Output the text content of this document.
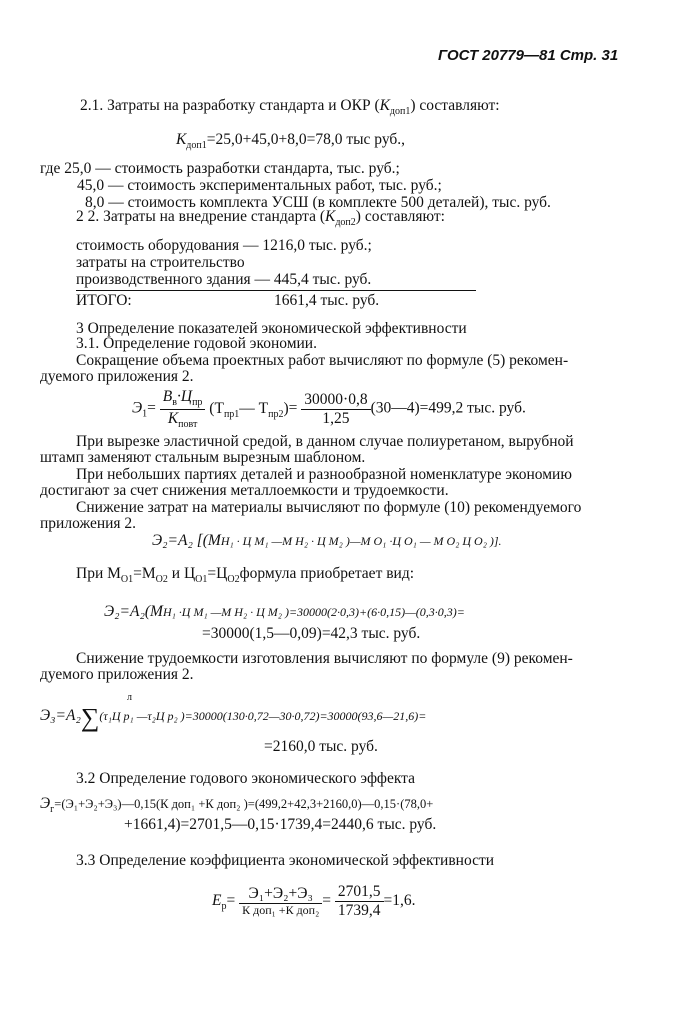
ГОСТ 20779—81 Стр. 31
2.1. Затраты на разработку стандарта и ОКР $(К_{доп1})$ составляют:
$К_{доп1}=25,0+45,0+8,0=78,0$ тыс руб.,
где 25,0 — стоимость разработки стандарта, тыс. руб.;
45,0 — стоимость экспериментальных работ, тыс. руб.;
8,0 — стоимость комплекта УСШ (в комплекте 500 деталей), тыс. руб.
2 2. Затраты на внедрение стандарта $(К_{доп2})$ составляют:
стоимость оборудования — 1216,0 тыс. руб.;
затраты на строительство
производственного здания — 445,4 тыс. руб.
ИТОГО:	1661,4 тыс. руб.
3 Определение показателей экономической эффективности
3.1. Определение годовой экономии.
Сокращение объема проектных работ вычисляют по формуле (5) рекомен-
дуемого приложения 2.
$Э_1= \frac{B_в\cdot Ц_{пр}}{К_{повт}}$ ($Т_{пр1}—$ $Т_{пр2})= \frac{30000\cdot 0,8}{1,25}$ (30—4)=499,2 тыс. руб.
При вырезке эластичной средой, в данном случае полиуретаном, вырубной
штамп заменяют стальным вырезным шаблоном.
При небольших партиях деталей и разнообразной номенклатуре экономию
достигают за счет снижения металлоемкости и трудоемкости.
Снижение затрат на материалы вычисляют по формуле (10) рекомендуемого
приложения 2.
Э₂=A₂ [(MН₁ · Ц М₁ —M Н₂ · Ц М₂ )—M О₁ ·Ц О₁ — M О₂ Ц О₂ )].
При $M_{О1}=M_{О2}$ и $Ц_{О1}=Ц_{О2}формула$ приобретает вид:
Э₂=A₂(MН₁ ·Ц М₁ —M Н₂ · Ц М₂ )=30000(2·0,3)+(6·0,15)—(0,3·0,3)=
=30000(1,5—0,09)=42,3 тыс. руб.
Снижение трудоемкости изготовления вычисляют по формуле (9) рекомен-
дуемого приложения 2.
л
Э₃=A₂∑(τ₁Ц р₁ —τ₂Ц р₂ )=30000(130·0,72—30·0,72)=30000(93,6—21,6)=
=2160,0 тыс. руб.
3.2 Определение годового экономического эффекта
$Э_г=(Э_1+Э_2+Э_3)—0,15(К$ доп₁ +К доп₂ )=(499,2+42,3+2160,0)—0,15·(78,0+
+1661,4)=2701,5—0,15·1739,4=2440,6 тыс. руб.
3.3 Определение коэффициента экономической эффективности
$E_р= \frac{\text{Э₁+Э₂+Э₃}}{\text{К доп₁ +К доп₂}} = \frac{2701,5}{1739,4} =1,6$.
